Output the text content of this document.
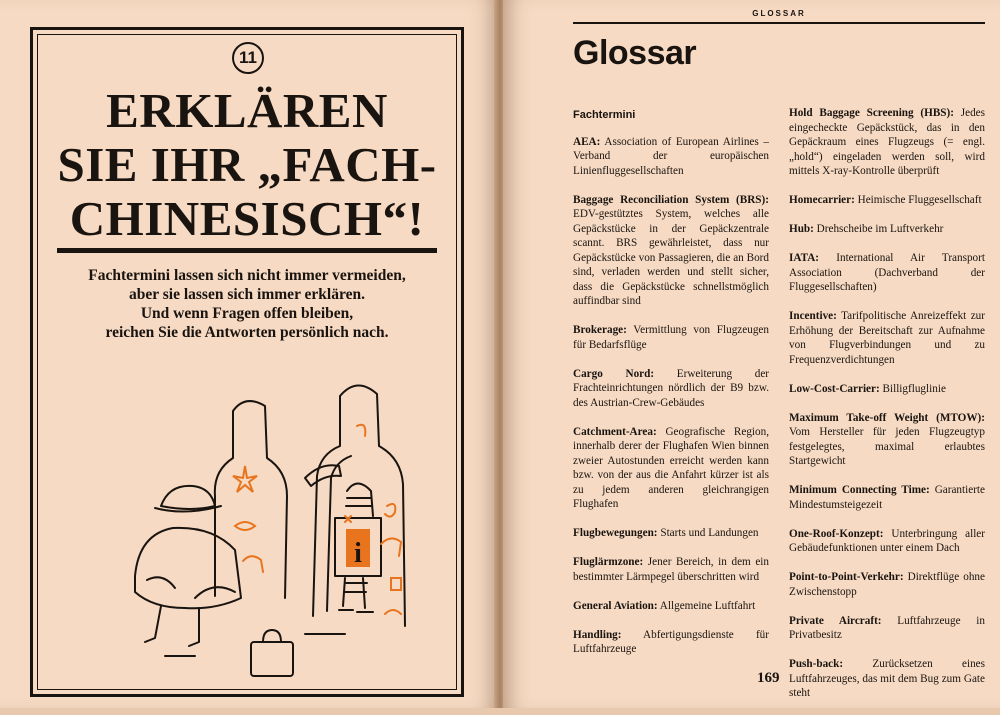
11
ERKLÄREN
SIE IHR „FACH-
CHINESISCH“!
Fachtermini lassen sich nicht immer vermeiden,
aber sie lassen sich immer erklären.
Und wenn Fragen offen bleiben,
reichen Sie die Antworten persönlich nach.
i
GLOSSAR
Glossar
Fachtermini
AEA: Association of European Airlines – Verband der europäischen Linienfluggesellschaften
Baggage Reconciliation System (BRS): EDV-gestütztes System, welches alle Gepäckstücke in der Gepäckzentrale scannt. BRS gewährleistet, dass nur Gepäckstücke von Passagieren, die an Bord sind, verladen werden und stellt sicher, dass die Gepäckstücke schnellstmöglich auffindbar sind
Brokerage: Vermittlung von Flugzeugen für Bedarfsflüge
Cargo Nord: Erweiterung der Frachteinrichtungen nördlich der B9 bzw. des Austrian-Crew-Gebäudes
Catchment-Area: Geografische Region, innerhalb derer der Flughafen Wien binnen zweier Autostunden erreicht werden kann bzw. von der aus die Anfahrt kürzer ist als zu jedem anderen gleichrangigen Flughafen
Flugbewegungen: Starts und Landungen
Fluglärmzone: Jener Bereich, in dem ein bestimmter Lärmpegel überschritten wird
General Aviation: Allgemeine Luftfahrt
Handling: Abfertigungsdienste für Luftfahrzeuge
Hold Baggage Screening (HBS): Jedes eingecheckte Gepäckstück, das in den Gepäckraum eines Flugzeugs (= engl. „hold“) eingeladen werden soll, wird mittels X-ray-Kontrolle überprüft
Homecarrier: Heimische Fluggesellschaft
Hub: Drehscheibe im Luftverkehr
IATA: International Air Transport Association (Dachverband der Fluggesellschaften)
Incentive: Tarifpolitische Anreizeffekt zur Erhöhung der Bereitschaft zur Aufnahme von Flugverbindungen und zu Frequenzverdichtungen
Low-Cost-Carrier: Billigfluglinie
Maximum Take-off Weight (MTOW): Vom Hersteller für jeden Flugzeugtyp festgelegtes, maximal erlaubtes Startgewicht
Minimum Connecting Time: Garantierte Mindestumsteigezeit
One-Roof-Konzept: Unterbringung aller Gebäudefunktionen unter einem Dach
Point-to-Point-Verkehr: Direktflüge ohne Zwischenstopp
Private Aircraft: Luftfahrzeuge in Privatbesitz
Push-back: Zurücksetzen eines Luftfahrzeuges, das mit dem Bug zum Gate steht
169
